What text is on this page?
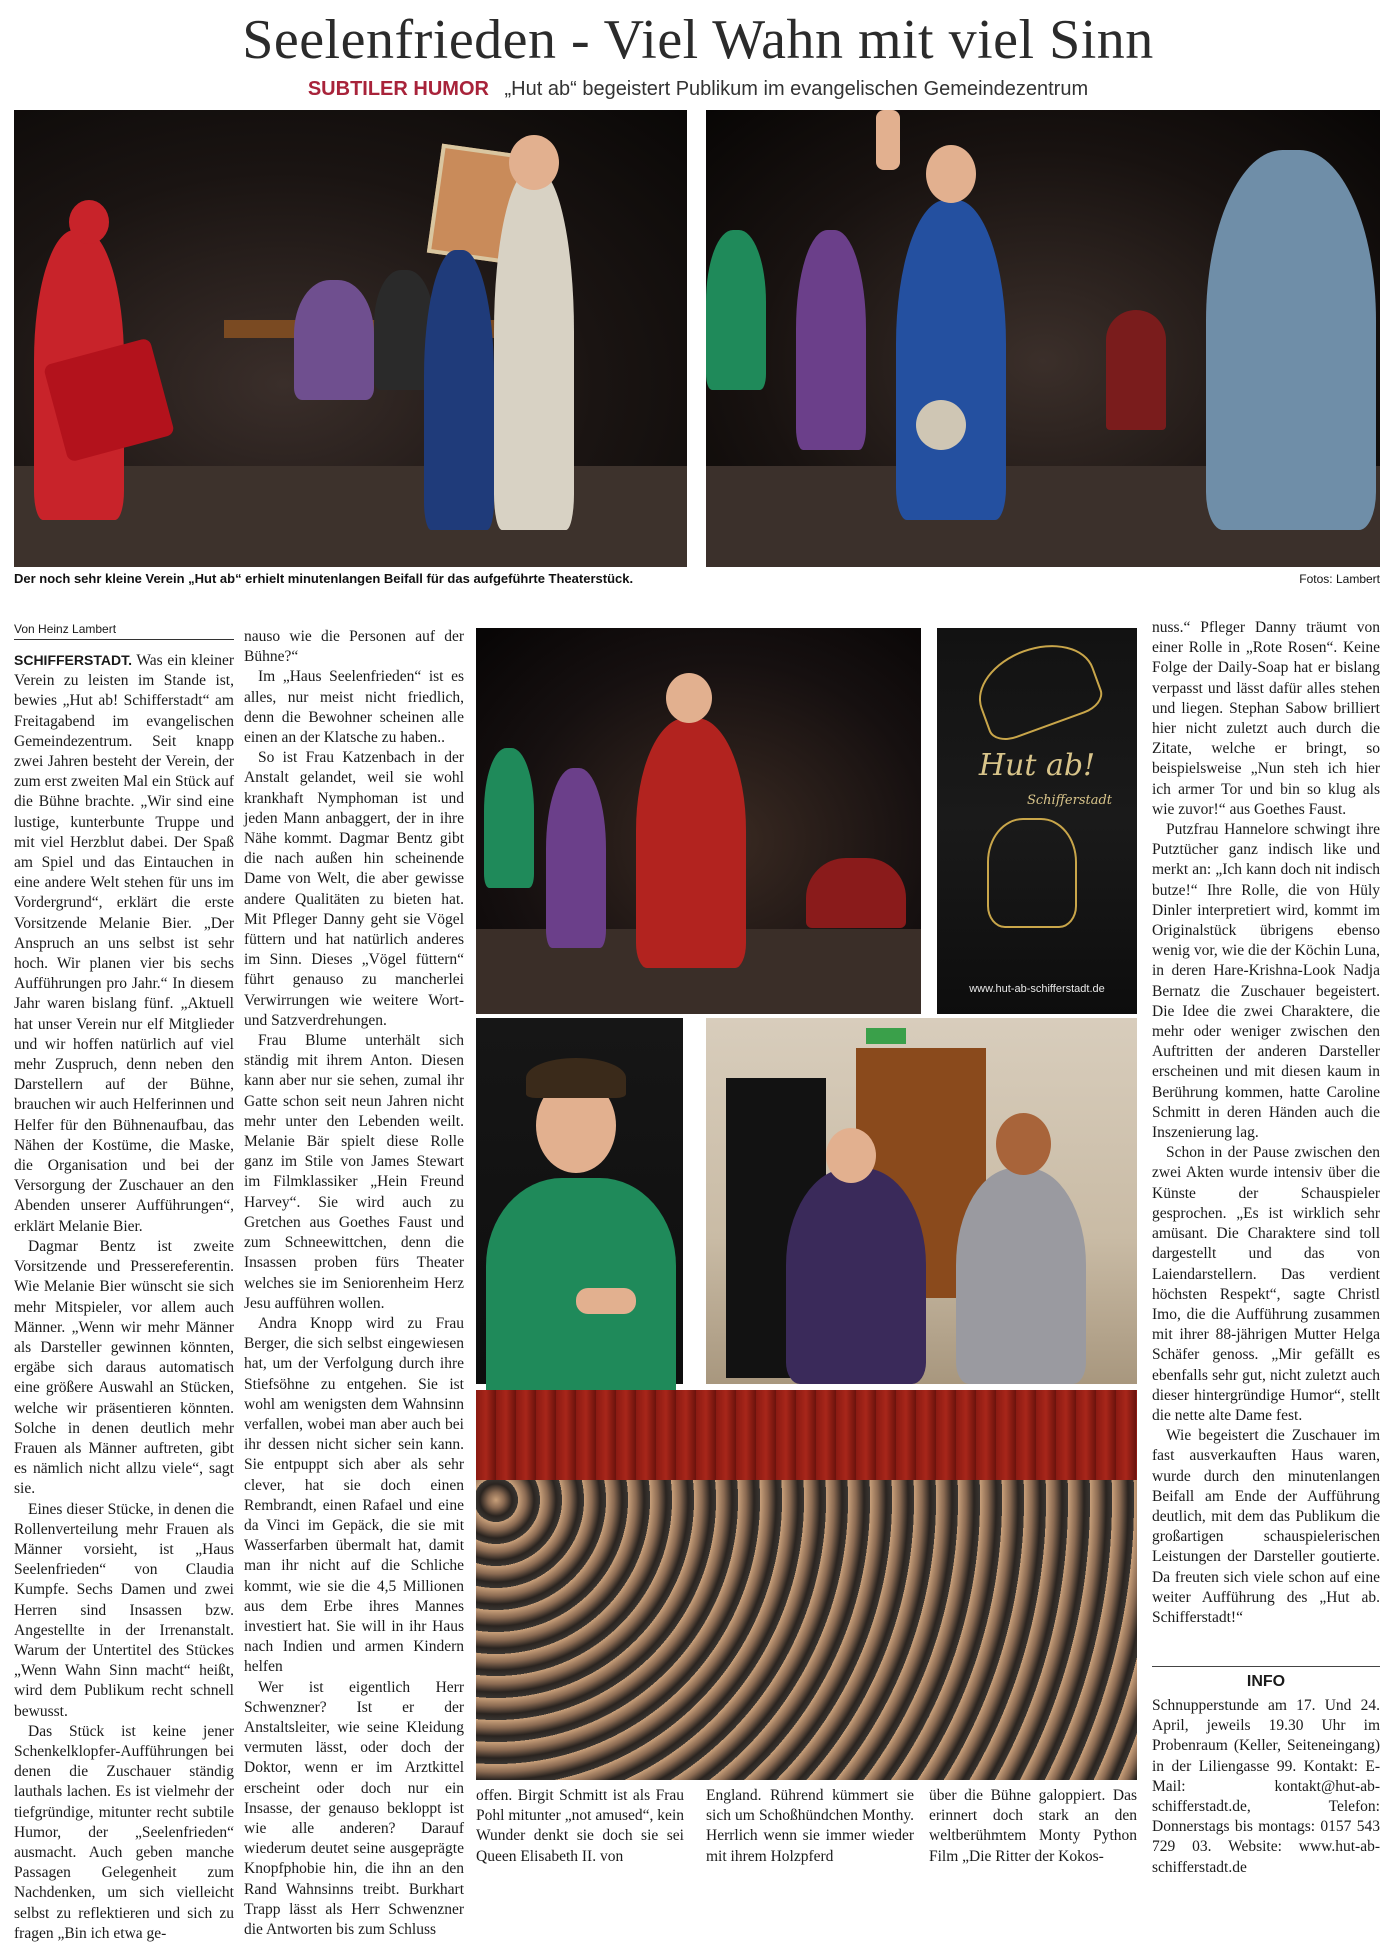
Seelenfrieden - Viel Wahn mit viel Sinn
SUBTILER HUMOR „Hut ab“ begeistert Publikum im evangelischen Gemeindezentrum
Der noch sehr kleine Verein „Hut ab“ erhielt minutenlangen Beifall für das aufgeführte Theaterstück.	Fotos: Lambert
Von Heinz Lambert

SCHIFFERSTADT. Was ein kleiner Verein zu leisten im Stande ist, bewies „Hut ab! Schifferstadt“ am Freitagabend im evangelischen Gemeindezentrum. Seit knapp zwei Jahren besteht der Verein, der zum erst zweiten Mal ein Stück auf die Bühne brachte. „Wir sind eine lustige, kunterbunte Truppe und mit viel Herzblut dabei. Der Spaß am Spiel und das Eintauchen in eine andere Welt stehen für uns im Vordergrund“, erklärt die erste Vorsitzende Melanie Bier. „Der Anspruch an uns selbst ist sehr hoch. Wir planen vier bis sechs Aufführungen pro Jahr.“ In diesem Jahr waren bislang fünf. „Aktuell hat unser Verein nur elf Mitglieder und wir hoffen natürlich auf viel mehr Zuspruch, denn neben den Darstellern auf der Bühne, brauchen wir auch Helferinnen und Helfer für den Bühnenaufbau, das Nähen der Kostüme, die Maske, die Organisation und bei der Versorgung der Zuschauer an den Abenden unserer Aufführungen“, erklärt Melanie Bier.

Dagmar Bentz ist zweite Vorsitzende und Pressereferentin. Wie Melanie Bier wünscht sie sich mehr Mitspieler, vor allem auch Männer. „Wenn wir mehr Männer als Darsteller gewinnen könnten, ergäbe sich daraus automatisch eine größere Auswahl an Stücken, welche wir präsentieren könnten. Solche in denen deutlich mehr Frauen als Männer auftreten, gibt es nämlich nicht allzu viele“, sagt sie.

Eines dieser Stücke, in denen die Rollenverteilung mehr Frauen als Männer vorsieht, ist „Haus Seelenfrieden“ von Claudia Kumpfe. Sechs Damen und zwei Herren sind Insassen bzw. Angestellte in der Irrenanstalt. Warum der Untertitel des Stückes „Wenn Wahn Sinn macht“ heißt, wird dem Publikum recht schnell bewusst.

Das Stück ist keine jener Schenkelklopfer-Aufführungen bei denen die Zuschauer ständig lauthals lachen. Es ist vielmehr der tiefgründige, mitunter recht subtile Humor, der „Seelenfrieden“ ausmacht. Auch geben manche Passagen Gelegenheit zum Nachdenken, um sich vielleicht selbst zu reflektieren und sich zu fragen „Bin ich etwa ge-

nauso wie die Personen auf der Bühne?“

Im „Haus Seelenfrieden“ ist es alles, nur meist nicht friedlich, denn die Bewohner scheinen alle einen an der Klatsche zu haben..

So ist Frau Katzenbach in der Anstalt gelandet, weil sie wohl krankhaft Nymphoman ist und jeden Mann anbaggert, der in ihre Nähe kommt. Dagmar Bentz gibt die nach außen hin scheinende Dame von Welt, die aber gewisse andere Qualitäten zu bieten hat. Mit Pfleger Danny geht sie Vögel füttern und hat natürlich anderes im Sinn. Dieses „Vögel füttern“ führt genauso zu mancherlei Verwirrungen wie weitere Wort- und Satzverdrehungen.

Frau Blume unterhält sich ständig mit ihrem Anton. Diesen kann aber nur sie sehen, zumal ihr Gatte schon seit neun Jahren nicht mehr unter den Lebenden weilt. Melanie Bär spielt diese Rolle ganz im Stile von James Stewart im Filmklassiker „Hein Freund Harvey“. Sie wird auch zu Gretchen aus Goethes Faust und zum Schneewittchen, denn die Insassen proben fürs Theater welches sie im Seniorenheim Herz Jesu aufführen wollen.

Andra Knopp wird zu Frau Berger, die sich selbst eingewiesen hat, um der Verfolgung durch ihre Stiefsöhne zu entgehen. Sie ist wohl am wenigsten dem Wahnsinn verfallen, wobei man aber auch bei ihr dessen nicht sicher sein kann. Sie entpuppt sich aber als sehr clever, hat sie doch einen Rembrandt, einen Rafael und eine da Vinci im Gepäck, die sie mit Wasserfarben übermalt hat, damit man ihr nicht auf die Schliche kommt, wie sie die 4,5 Millionen aus dem Erbe ihres Mannes investiert hat. Sie will in ihr Haus nach Indien und armen Kindern helfen

Wer ist eigentlich Herr Schwenzner? Ist er der Anstaltsleiter, wie seine Kleidung vermuten lässt, oder doch der Doktor, wenn er im Arztkittel erscheint oder doch nur ein Insasse, der genauso bekloppt ist wie alle anderen? Darauf wiederum deutet seine ausgeprägte Knopfphobie hin, die ihn an den Rand Wahnsinns treibt. Burkhart Trapp lässt als Herr Schwenzner die Antworten bis zum Schluss

Hut ab!
Schifferstadt
www.hut-ab-schifferstadt.de

offen. Birgit Schmitt ist als Frau Pohl mitunter „not amused“, kein Wunder denkt sie doch sie sei Queen Elisabeth II. von

England. Rührend kümmert sie sich um Schoßhündchen Monthy. Herrlich wenn sie immer wieder mit ihrem Holzpferd

über die Bühne galoppiert. Das erinnert doch stark an den weltberühmtem Monty Python Film „Die Ritter der Kokos-

nuss.“ Pfleger Danny träumt von einer Rolle in „Rote Rosen“. Keine Folge der Daily-Soap hat er bislang verpasst und lässt dafür alles stehen und liegen. Stephan Sabow brilliert hier nicht zuletzt auch durch die Zitate, welche er bringt, so beispielsweise „Nun steh ich hier ich armer Tor und bin so klug als wie zuvor!“ aus Goethes Faust.

Putzfrau Hannelore schwingt ihre Putztücher ganz indisch like und merkt an: „Ich kann doch nit indisch butze!“ Ihre Rolle, die von Hüly Dinler interpretiert wird, kommt im Originalstück übrigens ebenso wenig vor, wie die der Köchin Luna, in deren Hare-Krishna-Look Nadja Bernatz die Zuschauer begeistert. Die Idee die zwei Charaktere, die mehr oder weniger zwischen den Auftritten der anderen Darsteller erscheinen und mit diesen kaum in Berührung kommen, hatte Caroline Schmitt in deren Händen auch die Inszenierung lag.

Schon in der Pause zwischen den zwei Akten wurde intensiv über die Künste der Schauspieler gesprochen. „Es ist wirklich sehr amüsant. Die Charaktere sind toll dargestellt und das von Laiendarstellern. Das verdient höchsten Respekt“, sagte Christl Imo, die die Aufführung zusammen mit ihrer 88-jährigen Mutter Helga Schäfer genoss. „Mir gefällt es ebenfalls sehr gut, nicht zuletzt auch dieser hintergründige Humor“, stellt die nette alte Dame fest.

Wie begeistert die Zuschauer im fast ausverkauften Haus waren, wurde durch den minutenlangen Beifall am Ende der Aufführung deutlich, mit dem das Publikum die großartigen schauspielerischen Leistungen der Darsteller goutierte. Da freuten sich viele schon auf eine weiter Aufführung des „Hut ab. Schifferstadt!“

INFO
Schnupperstunde am 17. Und 24. April, jeweils 19.30 Uhr im Probenraum (Keller, Seiteneingang) in der Liliengasse 99. Kontakt: E-Mail: kontakt@hut-ab-schifferstadt.de, Telefon: Donnerstags bis montags: 0157 543 729 03. Website: www.hut-ab-schifferstadt.de
